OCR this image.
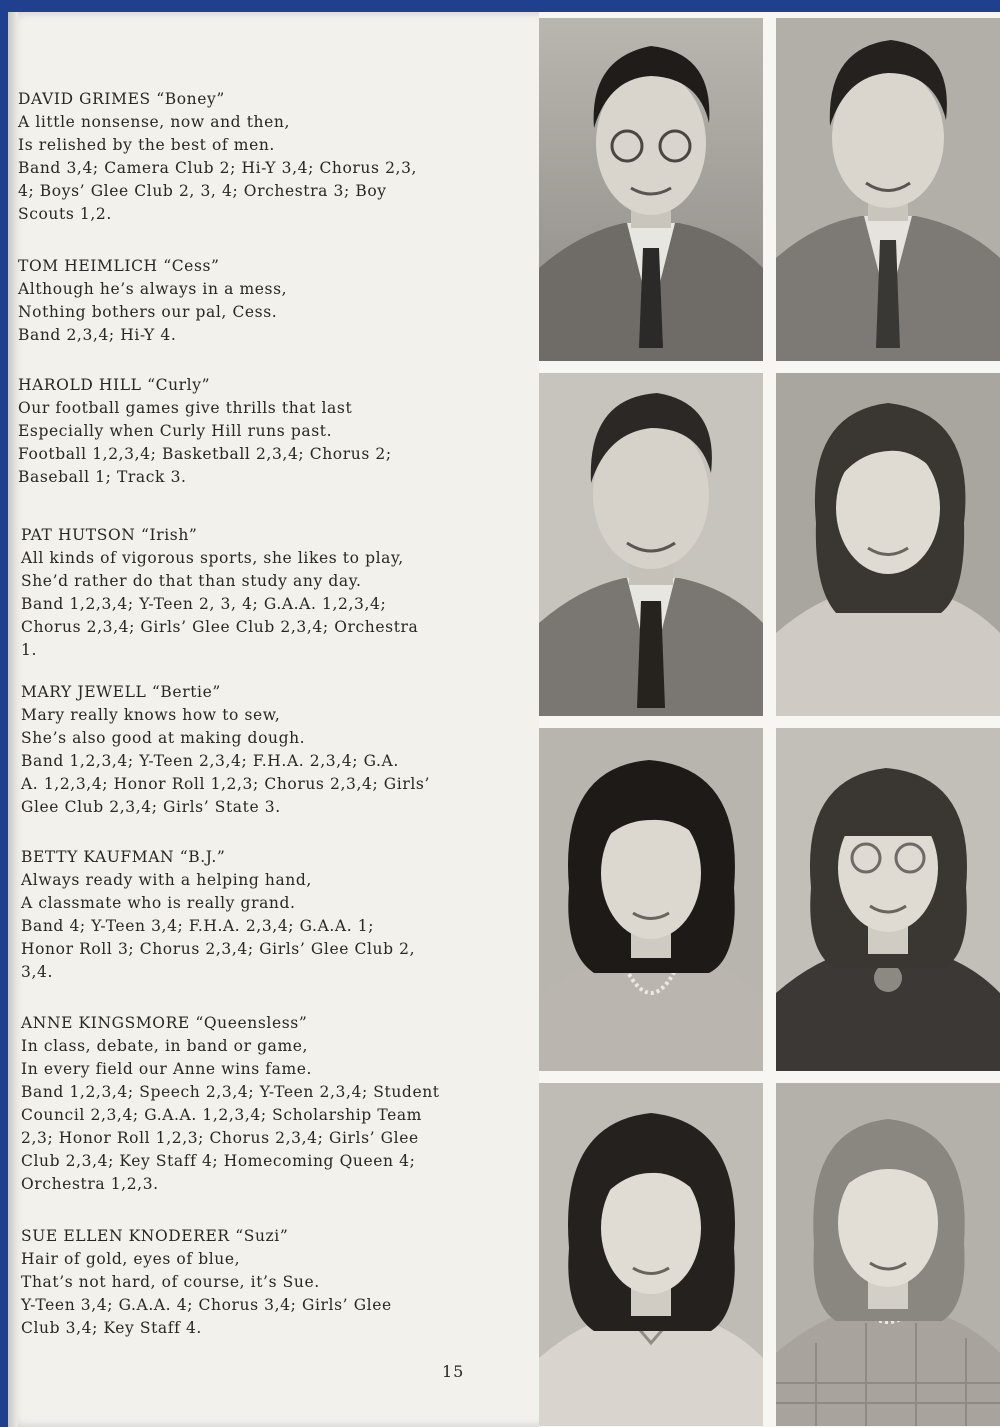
DAVID GRIMES “Boney”
A little nonsense, now and then,
Is relished by the best of men.
Band 3,4; Camera Club 2; Hi-Y 3,4; Chorus 2,3,
4; Boys’ Glee Club 2, 3, 4; Orchestra 3; Boy
Scouts 1,2.
TOM HEIMLICH “Cess”
Although he’s always in a mess,
Nothing bothers our pal, Cess.
Band 2,3,4; Hi-Y 4.
HAROLD HILL “Curly”
Our football games give thrills that last
Especially when Curly Hill runs past.
Football 1,2,3,4; Basketball 2,3,4; Chorus 2;
Baseball 1; Track 3.
PAT HUTSON “Irish”
All kinds of vigorous sports, she likes to play,
She’d rather do that than study any day.
Band 1,2,3,4; Y-Teen 2, 3, 4; G.A.A. 1,2,3,4;
Chorus 2,3,4; Girls’ Glee Club 2,3,4; Orchestra
1.
MARY JEWELL “Bertie”
Mary really knows how to sew,
She’s also good at making dough.
Band 1,2,3,4; Y-Teen 2,3,4; F.H.A. 2,3,4; G.A.
A. 1,2,3,4; Honor Roll 1,2,3; Chorus 2,3,4; Girls’
Glee Club 2,3,4; Girls’ State 3.
BETTY KAUFMAN “B.J.”
Always ready with a helping hand,
A classmate who is really grand.
Band 4; Y-Teen 3,4; F.H.A. 2,3,4; G.A.A. 1;
Honor Roll 3; Chorus 2,3,4; Girls’ Glee Club 2,
3,4.
ANNE KINGSMORE “Queensless”
In class, debate, in band or game,
In every field our Anne wins fame.
Band 1,2,3,4; Speech 2,3,4; Y-Teen 2,3,4; Student
Council 2,3,4; G.A.A. 1,2,3,4; Scholarship Team
2,3; Honor Roll 1,2,3; Chorus 2,3,4; Girls’ Glee
Club 2,3,4; Key Staff 4; Homecoming Queen 4;
Orchestra 1,2,3.
SUE ELLEN KNODERER “Suzi”
Hair of gold, eyes of blue,
That’s not hard, of course, it’s Sue.
Y-Teen 3,4; G.A.A. 4; Chorus 3,4; Girls’ Glee
Club 3,4; Key Staff 4.
15
